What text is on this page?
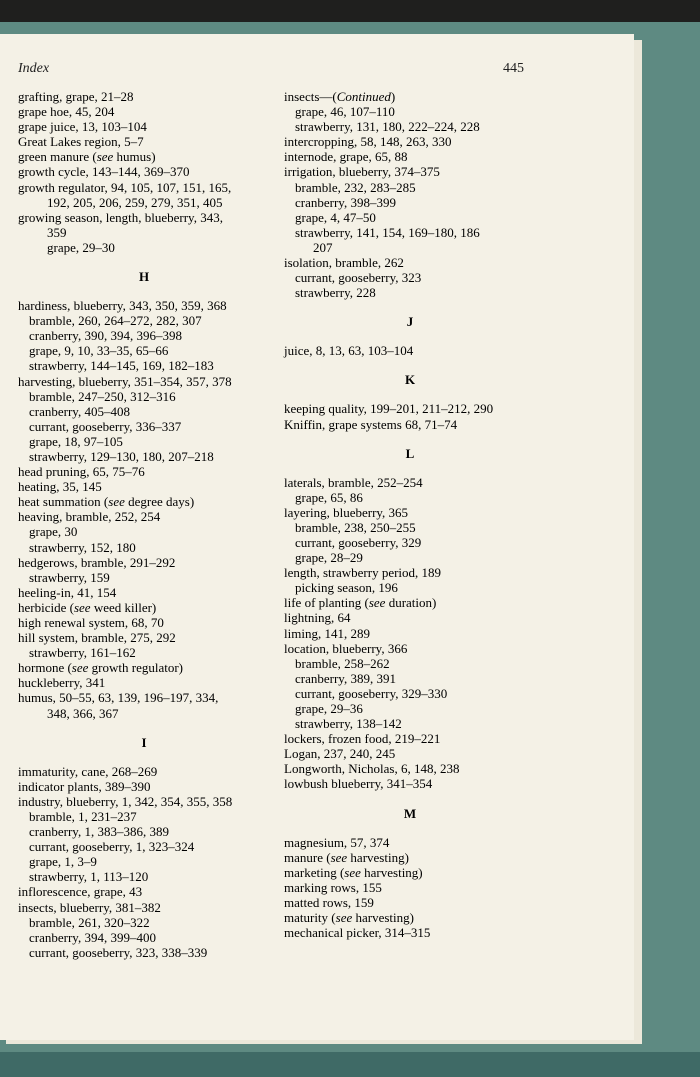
Index	445
grafting, grape, 21–28
grape hoe, 45, 204
grape juice, 13, 103–104
Great Lakes region, 5–7
green manure (see humus)
growth cycle, 143–144, 369–370
growth regulator, 94, 105, 107, 151, 165,
192, 205, 206, 259, 279, 351, 405
growing season, length, blueberry, 343,
359
grape, 29–30
H
hardiness, blueberry, 343, 350, 359, 368
bramble, 260, 264–272, 282, 307
cranberry, 390, 394, 396–398
grape, 9, 10, 33–35, 65–66
strawberry, 144–145, 169, 182–183
harvesting, blueberry, 351–354, 357, 378
bramble, 247–250, 312–316
cranberry, 405–408
currant, gooseberry, 336–337
grape, 18, 97–105
strawberry, 129–130, 180, 207–218
head pruning, 65, 75–76
heating, 35, 145
heat summation (see degree days)
heaving, bramble, 252, 254
grape, 30
strawberry, 152, 180
hedgerows, bramble, 291–292
strawberry, 159
heeling-in, 41, 154
herbicide (see weed killer)
high renewal system, 68, 70
hill system, bramble, 275, 292
strawberry, 161–162
hormone (see growth regulator)
huckleberry, 341
humus, 50–55, 63, 139, 196–197, 334,
348, 366, 367
I
immaturity, cane, 268–269
indicator plants, 389–390
industry, blueberry, 1, 342, 354, 355, 358
bramble, 1, 231–237
cranberry, 1, 383–386, 389
currant, gooseberry, 1, 323–324
grape, 1, 3–9
strawberry, 1, 113–120
inflorescence, grape, 43
insects, blueberry, 381–382
bramble, 261, 320–322
cranberry, 394, 399–400
currant, gooseberry, 323, 338–339
insects—(Continued)
grape, 46, 107–110
strawberry, 131, 180, 222–224, 228
intercropping, 58, 148, 263, 330
internode, grape, 65, 88
irrigation, blueberry, 374–375
bramble, 232, 283–285
cranberry, 398–399
grape, 4, 47–50
strawberry, 141, 154, 169–180, 186
207
isolation, bramble, 262
currant, gooseberry, 323
strawberry, 228
J
juice, 8, 13, 63, 103–104
K
keeping quality, 199–201, 211–212, 290
Kniffin, grape systems 68, 71–74
L
laterals, bramble, 252–254
grape, 65, 86
layering, blueberry, 365
bramble, 238, 250–255
currant, gooseberry, 329
grape, 28–29
length, strawberry period, 189
picking season, 196
life of planting (see duration)
lightning, 64
liming, 141, 289
location, blueberry, 366
bramble, 258–262
cranberry, 389, 391
currant, gooseberry, 329–330
grape, 29–36
strawberry, 138–142
lockers, frozen food, 219–221
Logan, 237, 240, 245
Longworth, Nicholas, 6, 148, 238
lowbush blueberry, 341–354
M
magnesium, 57, 374
manure (see harvesting)
marketing (see harvesting)
marking rows, 155
matted rows, 159
maturity (see harvesting)
mechanical picker, 314–315
